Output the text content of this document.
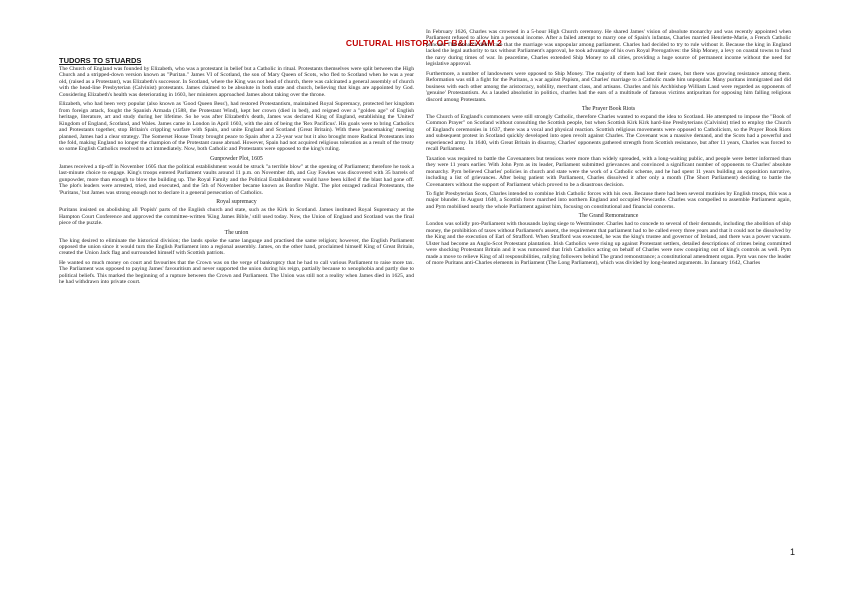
CULTURAL HISTORY OF B&I EXAM 2
TUDORS TO STUARDS

The Church of England was founded by Elizabeth, who was a protestant in belief but a Catholic in ritual. Protestants themselves were split between the High Church and a stripped-down version known as "Puritan." James VI of Scotland, the son of Mary Queen of Scots, who fled to Scotland when he was a year old, (raised as a Protestant), was Elizabeth's successor. In Scotland, where the King was not head of church, there was calcinated a general assembly of church with the head-line Presbyterian (Calvinist) protestants. James claimed to be absolute in both state and church, believing that kings are appointed by God. Considering Elizabeth's health was deteriorating in 1603, her ministers approached James about taking over the throne.

Elizabeth, who had been very popular (also known as 'Good Queen Bess'), had restored Protestantism, maintained Royal Supremacy, protected her kingdom from foreign attack, fought the Spanish Armada (1588, the Protestant Wind), kept her crown (died in bed), and reigned over a "golden age" of English heritage, literature, art and study during her lifetime. So he was after Elizabeth's death, James was declared King of England, establishing the 'United' Kingdom of England, Scotland, and Wales. James came in London in April 1603, with the aim of being the 'Rex Pacificus'. His goals were to bring Catholics and Protestants together, stop Britain's crippling warfare with Spain, and unite England and Scotland (Great Britain). With these 'peacemaking' meeting planned, James had a clear strategy. The Somerset House Treaty brought peace to Spain after a 22-year war but it also brought more Radical Protestants into the fold, making England no longer the champion of the Protestant cause abroad. However, Spain had not acquired religious toleration as a result of the treaty so some English Catholics resolved to act immediately. Now, both Catholic and Protestants were opposed to the king's ruling.

Gunpowder Plot, 1605

James received a tip-off in November 1605 that the political establishment would be struck "a terrible blow" at the opening of Parliament; therefore he took a last-minute choice to engage. King's troops entered Parliament vaults around 11 p.m. on November 4th, and Guy Fawkes was discovered with 35 barrels of gunpowder, more than enough to blow the building up. The Royal Family and the Political Establishment would have been killed if the blast had gone off. The plot's leaders were arrested, tried, and executed, and the 5th of November became known as Bonfire Night. The plot enraged radical Protestants, the 'Puritans,' but James was strong enough not to declare it a general persecution of Catholics.

Royal supremacy

Puritans insisted on abolishing all 'Popish' parts of the English church and state, such as the Kirk in Scotland. James instituted Royal Supremacy at the Hampton Court Conference and approved the committee-written 'King James Bible,' still used today. Now, the Union of England and Scotland was the final piece of the puzzle.

The union

The king desired to eliminate the historical division; the lands spoke the same language and practised the same religion; however, the English Parliament opposed the union since it would turn the English Parliament into a regional assembly. James, on the other hand, proclaimed himself King of Great Britain, created the Union Jack flag and surrounded himself with Scottish patriots.

He wanted so much money on court and favourites that the Crown was on the verge of bankruptcy that he had to call various Parliament to raise more tax. The Parliament was opposed to paying James' favouritism and never supported the union during his reign, partially because to xenophobia and partly due to political beliefs. This marked the beginning of a rupture between the Crown and Parliament. The Union was still not a reality when James died in 1625, and he had withdrawn into private court.

In February 1626, Charles was crowned in a 5-hour High Church ceremony. He shared James' vision of absolute monarchy and was recently appointed when Parliament refused to allow him a personal income. After a failed attempt to marry one of Spain's infantas, Charles married Henriette-Marie, a French Catholic princess. The monarch didn't care that the marriage was unpopular among parliament. Charles had decided to try to rule without it. Because the king in England lacked the legal authority to tax without Parliament's approval, he took advantage of his own Royal Prerogatives: the Ship Money, a levy on coastal towns to fund the navy during times of war. In peacetime, Charles extended Ship Money to all cities, providing a huge source of permanent income without the need for legislative approval.

Furthermore, a number of landowners were opposed to Ship Money. The majority of them had lost their cases, but there was growing resistance among them. Reformation was still a fight for the Puritans, a war against Papism, and Charles' marriage to a Catholic made him unpopular. Many puritans immigrated and did business with each other among the aristocracy, nobility, merchant class, and artisans. Charles and his Archbishop William Laud were regarded as opponents of 'genuine' Protestantism. As a lauded absolutist in politics, charles had the ears of a multitude of famous victims antipuritan for opposing him falling religious discord among Protestants.

The Prayer Book Riots

The Church of England's commoners were still strongly Catholic, therefore Charles wanted to expand the idea to Scotland. He attempted to impose the "Book of Common Prayer" on Scotland without consulting the Scottish people, but when Scottish Kirk Kirk hard-line Presbyterians (Calvinist) tried to employ the Church of England's ceremonies in 1637, there was a vocal and physical reaction. Scottish religious movements were opposed to Catholicism, so the Prayer Book Riots and subsequent protest in Scotland quickly developed into open revolt against Charles. The Covenant was a massive demand, and the Scots had a powerful and experienced army. In 1640, with Great Britain in disarray, Charles' opponents gathered strength from Scottish resistance, but after 11 years, Charles was forced to recall Parliament.

Taxation was required to battle the Covenanters but tensions were more than widely spreaded, with a long-waiting public, and people were better informed than they were 11 years earlier. With John Pym as its leader, Parliament submitted grievances and convinced a significant number of opponents to Charles' absolute monarchy. Pym believed Charles' policies in church and state were the work of a Catholic scheme, and he had spent 11 years building an opposition narrative, including a list of grievances. After being patient with Parliament, Charles dissolved it after only a month (The Short Parliament) deciding to battle the Covenanters without the support of Parliament which proved to be a disastrous decision.

To fight Presbyterian Scots, Charles intended to combine Irish Catholic forces with his own. Because there had been several mutinies by English troops, this was a major blunder. In August 1640, a Scottish force marched into northern England and occupied Newcastle. Charles was compelled to assemble Parliament again, and Pym mobilised nearly the whole Parliament against him, focusing on constitutional and financial concerns.

The Grand Remonstrance

London was solidly pro-Parliament with thousands laying siege to Westminster. Charles had to concede to several of their demands, including the abolition of ship money, the prohibition of taxes without Parliament's assent, the requirement that parliament had to be called every three years and that it could not be dissolved by the King and the execution of Earl of Strafford. When Strafford was executed, he was the king's trustee and governor of Ireland, and there was a power vacuum. Ulster had become an Anglo-Scot Protestant plantation. Irish Catholics were rising up against Protestant settlers, detailed descriptions of crimes being committed were shocking Protestant Britain and it was rumoured that Irish Catholics acting on behalf of Charles were now conspiring out of king's controls as well. Pym made a move to relieve King of all responsibilities, rallying followers behind The grand remonstrance; a constitutional amendment organ. Pym was now the leader of more Puritans anti-Charles elements in Parliament (The Long Parliament), which was divided by long-heated arguments. In January 1642, Charles

1
